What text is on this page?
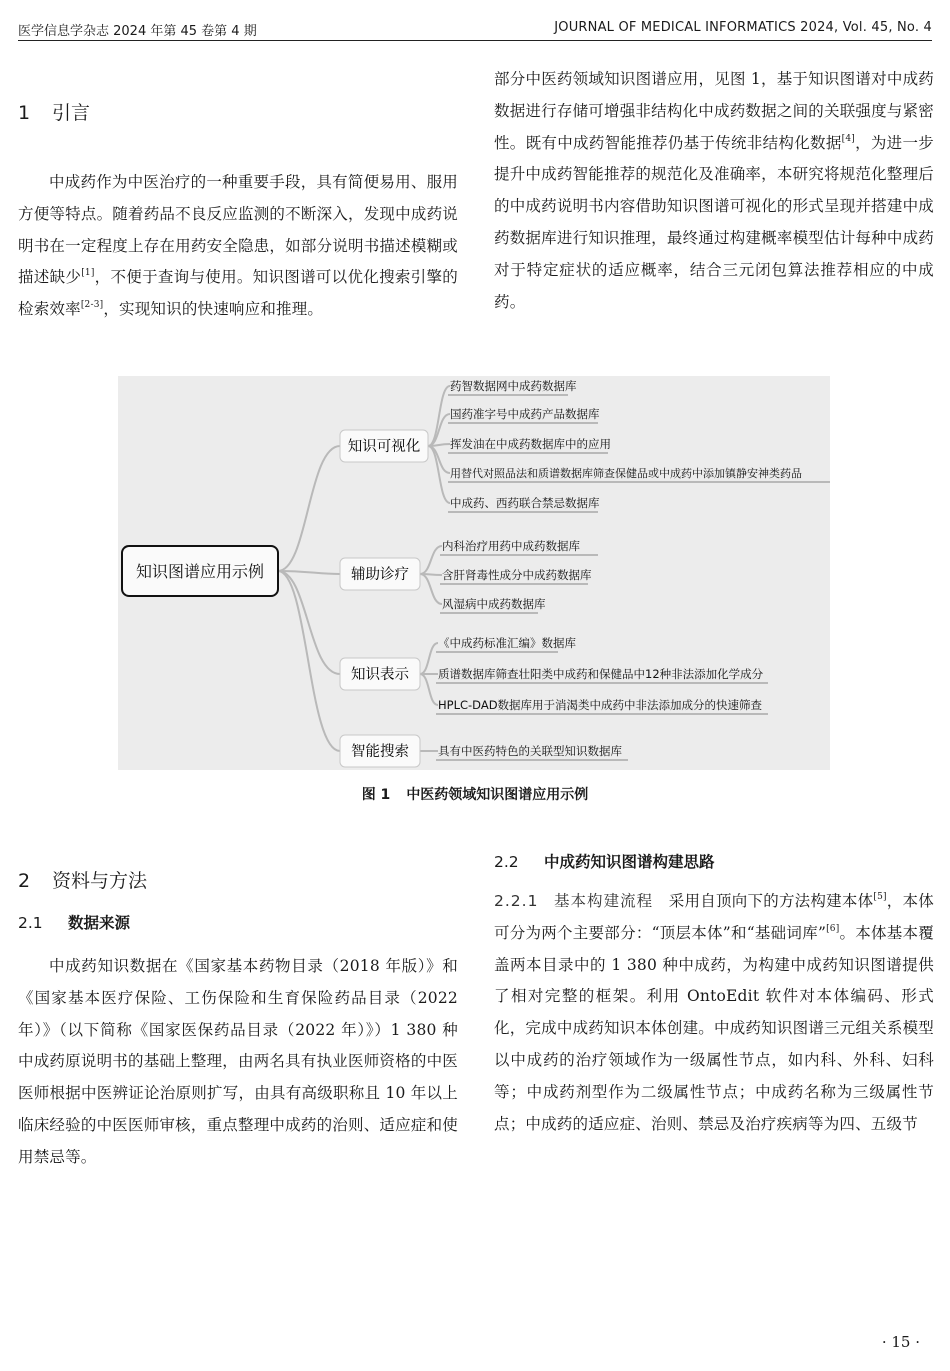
医学信息学杂志 2024 年第 45 卷第 4 期	JOURNAL OF MEDICAL INFORMATICS 2024, Vol. 45, No. 4
1 引言

中成药作为中医治疗的一种重要手段，具有简便易用、服用方便等特点。随着药品不良反应监测的不断深入，发现中成药说明书在一定程度上存在用药安全隐患，如部分说明书描述模糊或描述缺少[1]，不便于查询与使用。知识图谱可以优化搜索引擎的检索效率[2-3]，实现知识的快速响应和推理。

部分中医药领域知识图谱应用，见图 1，基于知识图谱对中成药数据进行存储可增强非结构化中成药数据之间的关联强度与紧密性。既有中成药智能推荐仍基于传统非结构化数据[4]，为进一步提升中成药智能推荐的规范化及准确率，本研究将规范化整理后的中成药说明书内容借助知识图谱可视化的形式呈现并搭建中成药数据库进行知识推理，最终通过构建概率模型估计每种中成药对于特定症状的适应概率，结合三元闭包算法推荐相应的中成药。

知识图谱应用示例
知识可视化
辅助诊疗
知识表示
智能搜索
药智数据网中成药数据库
国药准字号中成药产品数据库
挥发油在中成药数据库中的应用
用替代对照品法和质谱数据库筛查保健品或中成药中添加镇静安神类药品
中成药、西药联合禁忌数据库
内科治疗用药中成药数据库
含肝肾毒性成分中成药数据库
风湿病中成药数据库
《中成药标准汇编》数据库
质谱数据库筛查壮阳类中成药和保健品中12种非法添加化学成分
HPLC-DAD数据库用于消渴类中成药中非法添加成分的快速筛查
具有中医药特色的关联型知识数据库
图 1 中医药领域知识图谱应用示例
2 资料与方法
2.1 数据来源

中成药知识数据在《国家基本药物目录（2018 年版）》和《国家基本医疗保险、工伤保险和生育保险药品目录（2022 年）》（以下简称《国家医保药品目录（2022 年）》）1 380 种中成药原说明书的基础上整理，由两名具有执业医师资格的中医医师根据中医辨证论治原则扩写，由具有高级职称且 10 年以上临床经验的中医医师审核，重点整理中成药的治则、适应症和使用禁忌等。

2.2 中成药知识图谱构建思路

2.2.1 基本构建流程 采用自顶向下的方法构建本体[5]，本体可分为两个主要部分：“顶层本体”和“基础词库”[6]。本体基本覆盖两本目录中的 1 380 种中成药，为构建中成药知识图谱提供了相对完整的框架。利用 OntoEdit 软件对本体编码、形式化，完成中成药知识本体创建。中成药知识图谱三元组关系模型以中成药的治疗领域作为一级属性节点，如内科、外科、妇科等；中成药剂型作为二级属性节点；中成药名称为三级属性节点；中成药的适应症、治则、禁忌及治疗疾病等为四、五级节

· 15 ·
